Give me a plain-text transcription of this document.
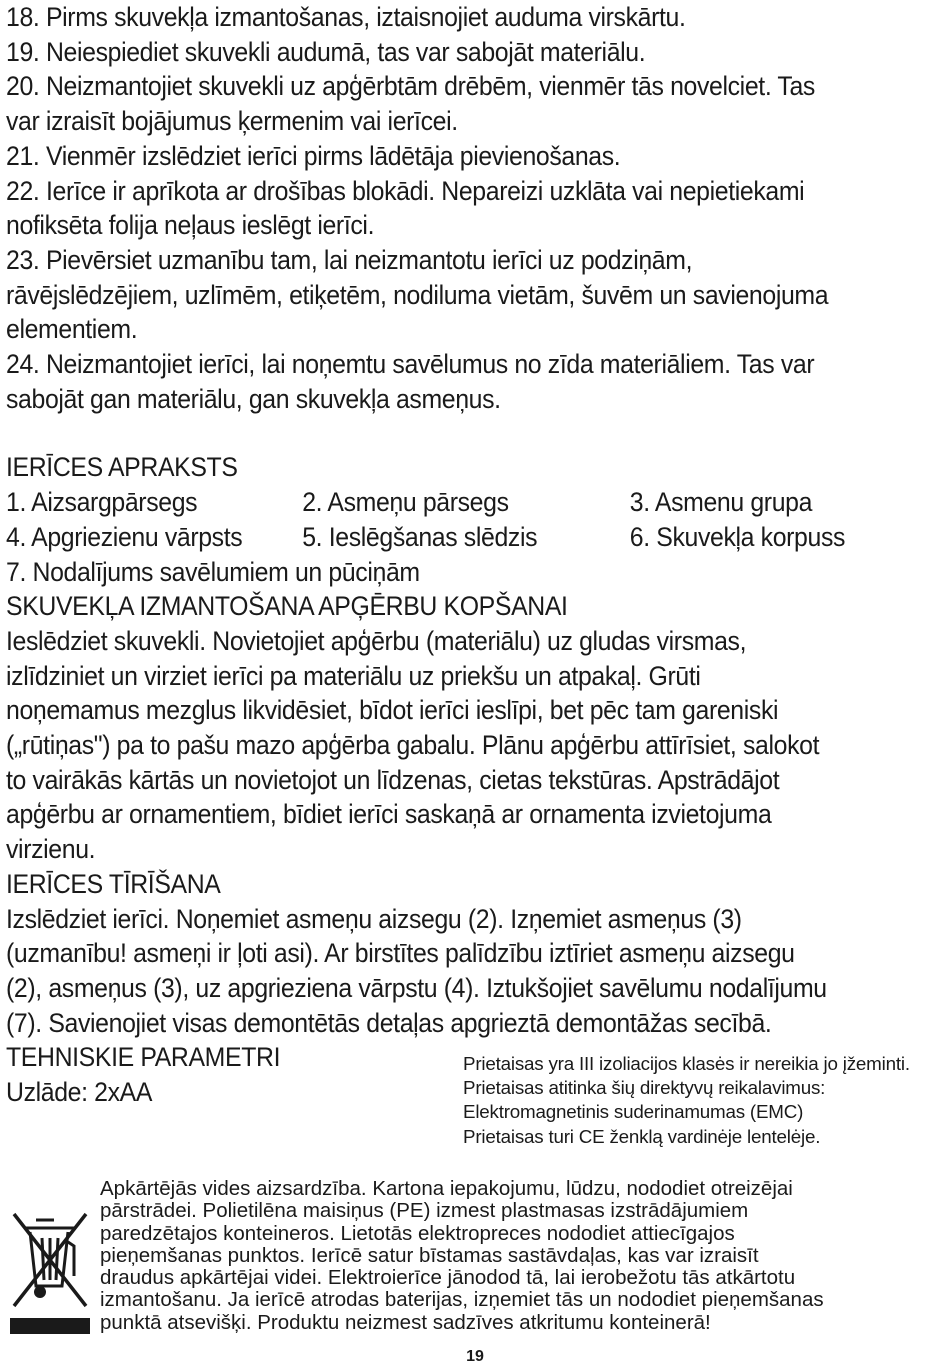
18. Pirms skuvekļa izmantošanas, iztaisnojiet auduma virskārtu.

19. Neiespiediet skuvekli audumā, tas var sabojāt materiālu.

20. Neizmantojiet skuvekli uz apģērbtām drēbēm, vienmēr tās novelciet. Tas

var izraisīt bojājumus ķermenim vai ierīcei.

21. Vienmēr izslēdziet ierīci pirms lādētāja pievienošanas.

22. Ierīce ir aprīkota ar drošības blokādi. Nepareizi uzklāta vai nepietiekami

nofiksēta folija neļaus ieslēgt ierīci.

23. Pievērsiet uzmanību tam, lai neizmantotu ierīci uz podziņām,

rāvējslēdzējiem, uzlīmēm, etiķetēm, nodiluma vietām, šuvēm un savienojuma

elementiem.

24. Neizmantojiet ierīci, lai noņemtu savēlumus no zīda materiāliem. Tas var

sabojāt gan materiālu, gan skuvekļa asmeņus.

IERĪCES APRAKSTS

1. Aizsargpārsegs	2. Asmeņu pārsegs	3. Asmenu grupa
4. Apgriezienu vārpsts	5. Ieslēgšanas slēdzis	6. Skuvekļa korpuss
7. Nodalījums savēlumiem un pūciņām

SKUVEKĻA IZMANTOŠANA APĢĒRBU KOPŠANAI

Ieslēdziet skuvekli. Novietojiet apģērbu (materiālu) uz gludas virsmas,

izlīdziniet un virziet ierīci pa materiālu uz priekšu un atpakaļ. Grūti

noņemamus mezglus likvidēsiet, bīdot ierīci ieslīpi, bet pēc tam gareniski

(„rūtiņas") pa to pašu mazo apģērba gabalu. Plānu apģērbu attīrīsiet, salokot

to vairākās kārtās un novietojot un līdzenas, cietas tekstūras. Apstrādājot

apģērbu ar ornamentiem, bīdiet ierīci saskaņā ar ornamenta izvietojuma

virzienu.

IERĪCES TĪRĪŠANA

Izslēdziet ierīci. Noņemiet asmeņu aizsegu (2). Izņemiet asmeņus (3)

(uzmanību! asmeņi ir ļoti asi). Ar birstītes palīdzību iztīriet asmeņu aizsegu

(2), asmeņus (3), uz apgrieziena vārpstu (4). Iztukšojiet savēlumu nodalījumu

(7). Savienojiet visas demontētās detaļas apgrieztā demontāžas secībā.

TEHNISKIE PARAMETRI

Uzlāde: 2xAA

Prietaisas yra III izoliacijos klasės ir nereikia jo įžeminti.
Prietaisas atitinka šių direktyvų reikalavimus:
Elektromagnetinis suderinamumas (EMC)
Prietaisas turi CE ženklą vardinėje lentelėje.
Apkārtējās vides aizsardzība. Kartona iepakojumu, lūdzu, nododiet otreizējai
pārstrādei. Polietilēna maisiņus (PE) izmest plastmasas izstrādājumiem
paredzētajos konteineros. Lietotās elektropreces nododiet attiecīgajos
pieņemšanas punktos. Ierīcē satur bīstamas sastāvdaļas, kas var izraisīt
draudus apkārtējai videi. Elektroierīce jānodod tā, lai ierobežotu tās atkārtotu
izmantošanu. Ja ierīcē atrodas baterijas, izņemiet tās un nododiet pieņemšanas
punktā atsevišķi. Produktu neizmest sadzīves atkritumu konteinerā!
19
